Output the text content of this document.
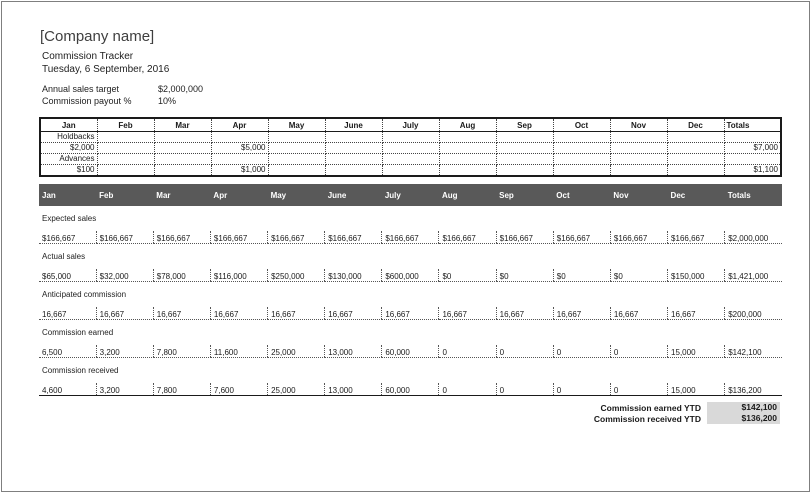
[Company name]
Commission Tracker
Tuesday, 6 September, 2016
Annual sales target	$2,000,000
Commission payout %	10%
Jan	Feb	Mar	Apr	May	June	July	Aug	Sep	Oct	Nov	Dec	Totals
Holdbacks												
$2,000			$5,000									$7,000
Advances												
$100			$1,000									$1,100
Jan	Feb	Mar	Apr	May	June	July	Aug	Sep	Oct	Nov	Dec	Totals
Expected sales												
$166,667	$166,667	$166,667	$166,667	$166,667	$166,667	$166,667	$166,667	$166,667	$166,667	$166,667	$166,667	$2,000,000
Actual sales												
$65,000	$32,000	$78,000	$116,000	$250,000	$130,000	$600,000	$0	$0	$0	$0	$150,000	$1,421,000
Anticipated commission												
16,667	16,667	16,667	16,667	16,667	16,667	16,667	16,667	16,667	16,667	16,667	16,667	$200,000
Commission earned												
6,500	3,200	7,800	11,600	25,000	13,000	60,000	0	0	0	0	15,000	$142,100
Commission received												
4,600	3,200	7,800	7,600	25,000	13,000	60,000	0	0	0	0	15,000	$136,200
Commission earned YTD	$142,100
Commission received YTD	$136,200
